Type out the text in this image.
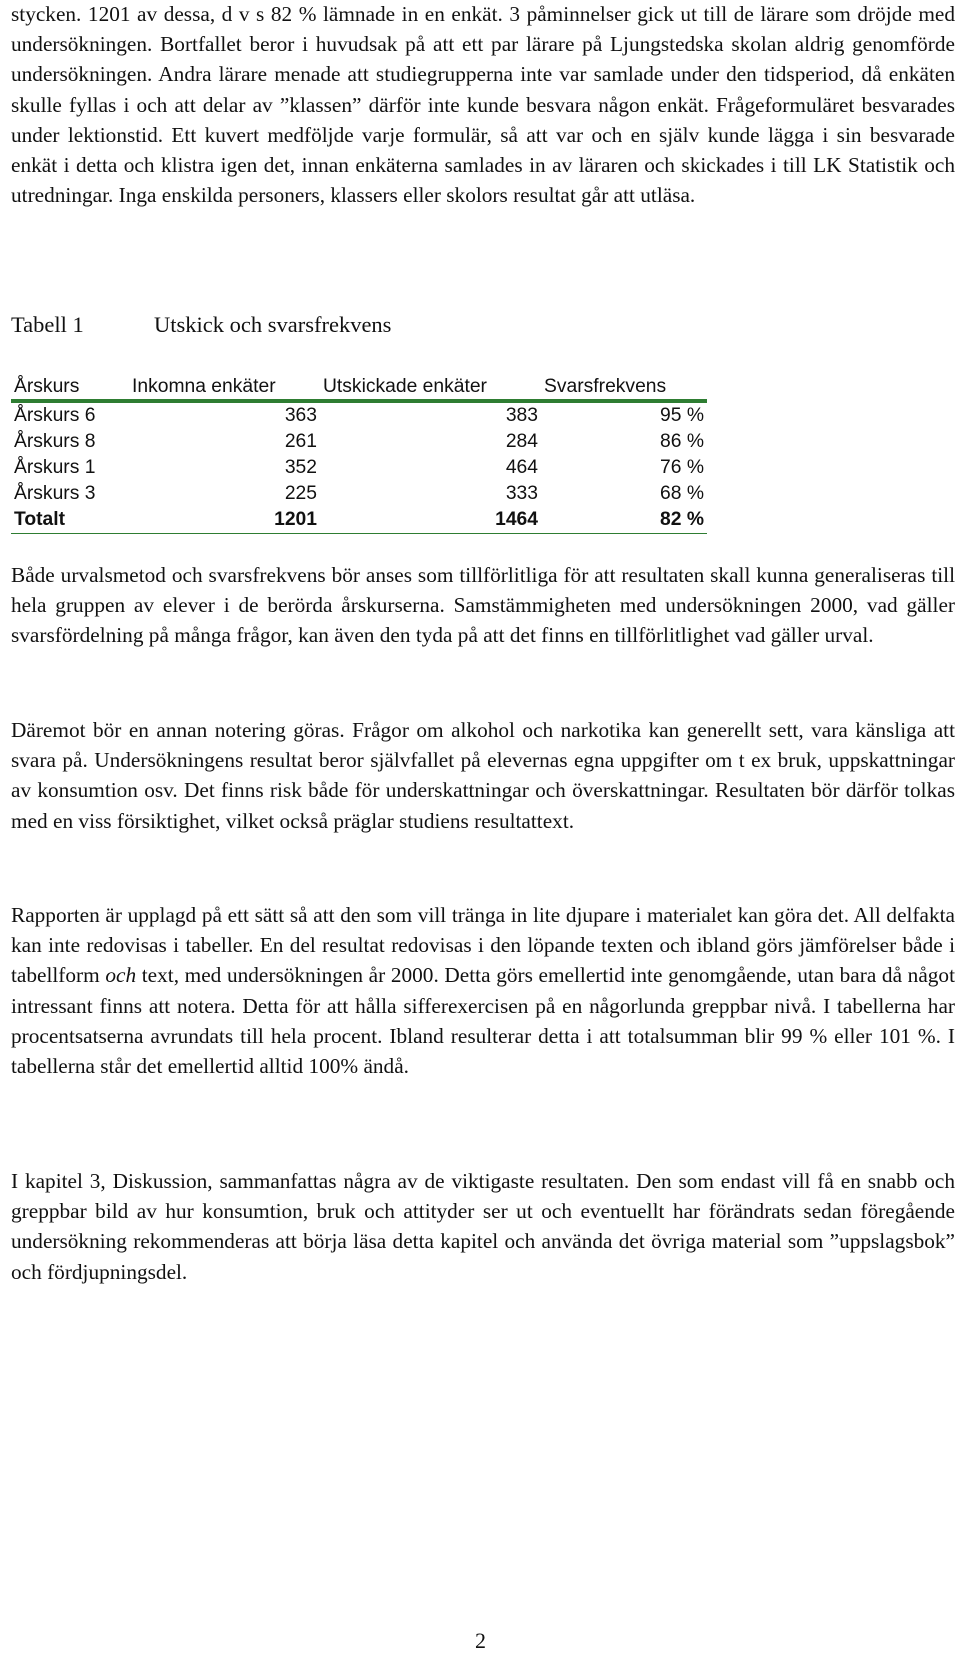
stycken. 1201 av dessa, d v s 82 % lämnade in en enkät. 3 påminnelser gick ut till de lärare som dröjde med undersökningen. Bortfallet beror i huvudsak på att ett par lärare på Ljungstedska skolan aldrig genomförde undersökningen. Andra lärare menade att studiegrupperna inte var samlade under den tidsperiod, då enkäten skulle fyllas i och att delar av ”klassen” därför inte kunde besvara någon enkät. Frågeformuläret besvarades under lektionstid. Ett kuvert medföljde varje formulär, så att var och en själv kunde lägga i sin besvarade enkät i detta och klistra igen det, innan enkäterna samlades in av läraren och skickades i till LK Statistik och utredningar. Inga enskilda personers, klassers eller skolors resultat går att utläsa.

Tabell 1	Utskick och svarsfrekvens
Årskurs	Inkomna enkäter	Utskickade enkäter	Svarsfrekvens
Årskurs 6	363	383	95 %
Årskurs 8	261	284	86 %
Årskurs 1	352	464	76 %
Årskurs 3	225	333	68 %
Totalt	1201	1464	82 %

Både urvalsmetod och svarsfrekvens bör anses som tillförlitliga för att resultaten skall kunna generaliseras till hela gruppen av elever i de berörda årskurserna. Samstämmigheten med undersökningen 2000, vad gäller svarsfördelning på många frågor, kan även den tyda på att det finns en tillförlitlighet vad gäller urval.

Däremot bör en annan notering göras. Frågor om alkohol och narkotika kan generellt sett, vara känsliga att svara på. Undersökningens resultat beror självfallet på elevernas egna uppgifter om t ex bruk, uppskattningar av konsumtion osv. Det finns risk både för underskattningar och överskattningar. Resultaten bör därför tolkas med en viss försiktighet, vilket också präglar studiens resultattext.

Rapporten är upplagd på ett sätt så att den som vill tränga in lite djupare i materialet kan göra det. All delfakta kan inte redovisas i tabeller. En del resultat redovisas i den löpande texten och ibland görs jämförelser både i tabellform och text, med undersökningen år 2000. Detta görs emellertid inte genomgående, utan bara då något intressant finns att notera. Detta för att hålla sifferexercisen på en någorlunda greppbar nivå. I tabellerna har procentsatserna avrundats till hela procent. Ibland resulterar detta i att totalsumman blir 99 % eller 101 %. I tabellerna står det emellertid alltid 100% ändå.

I kapitel 3, Diskussion, sammanfattas några av de viktigaste resultaten. Den som endast vill få en snabb och greppbar bild av hur konsumtion, bruk och attityder ser ut och eventuellt har förändrats sedan föregående undersökning rekommenderas att börja läsa detta kapitel och använda det övriga material som ”uppslagsbok” och fördjupningsdel.

2
